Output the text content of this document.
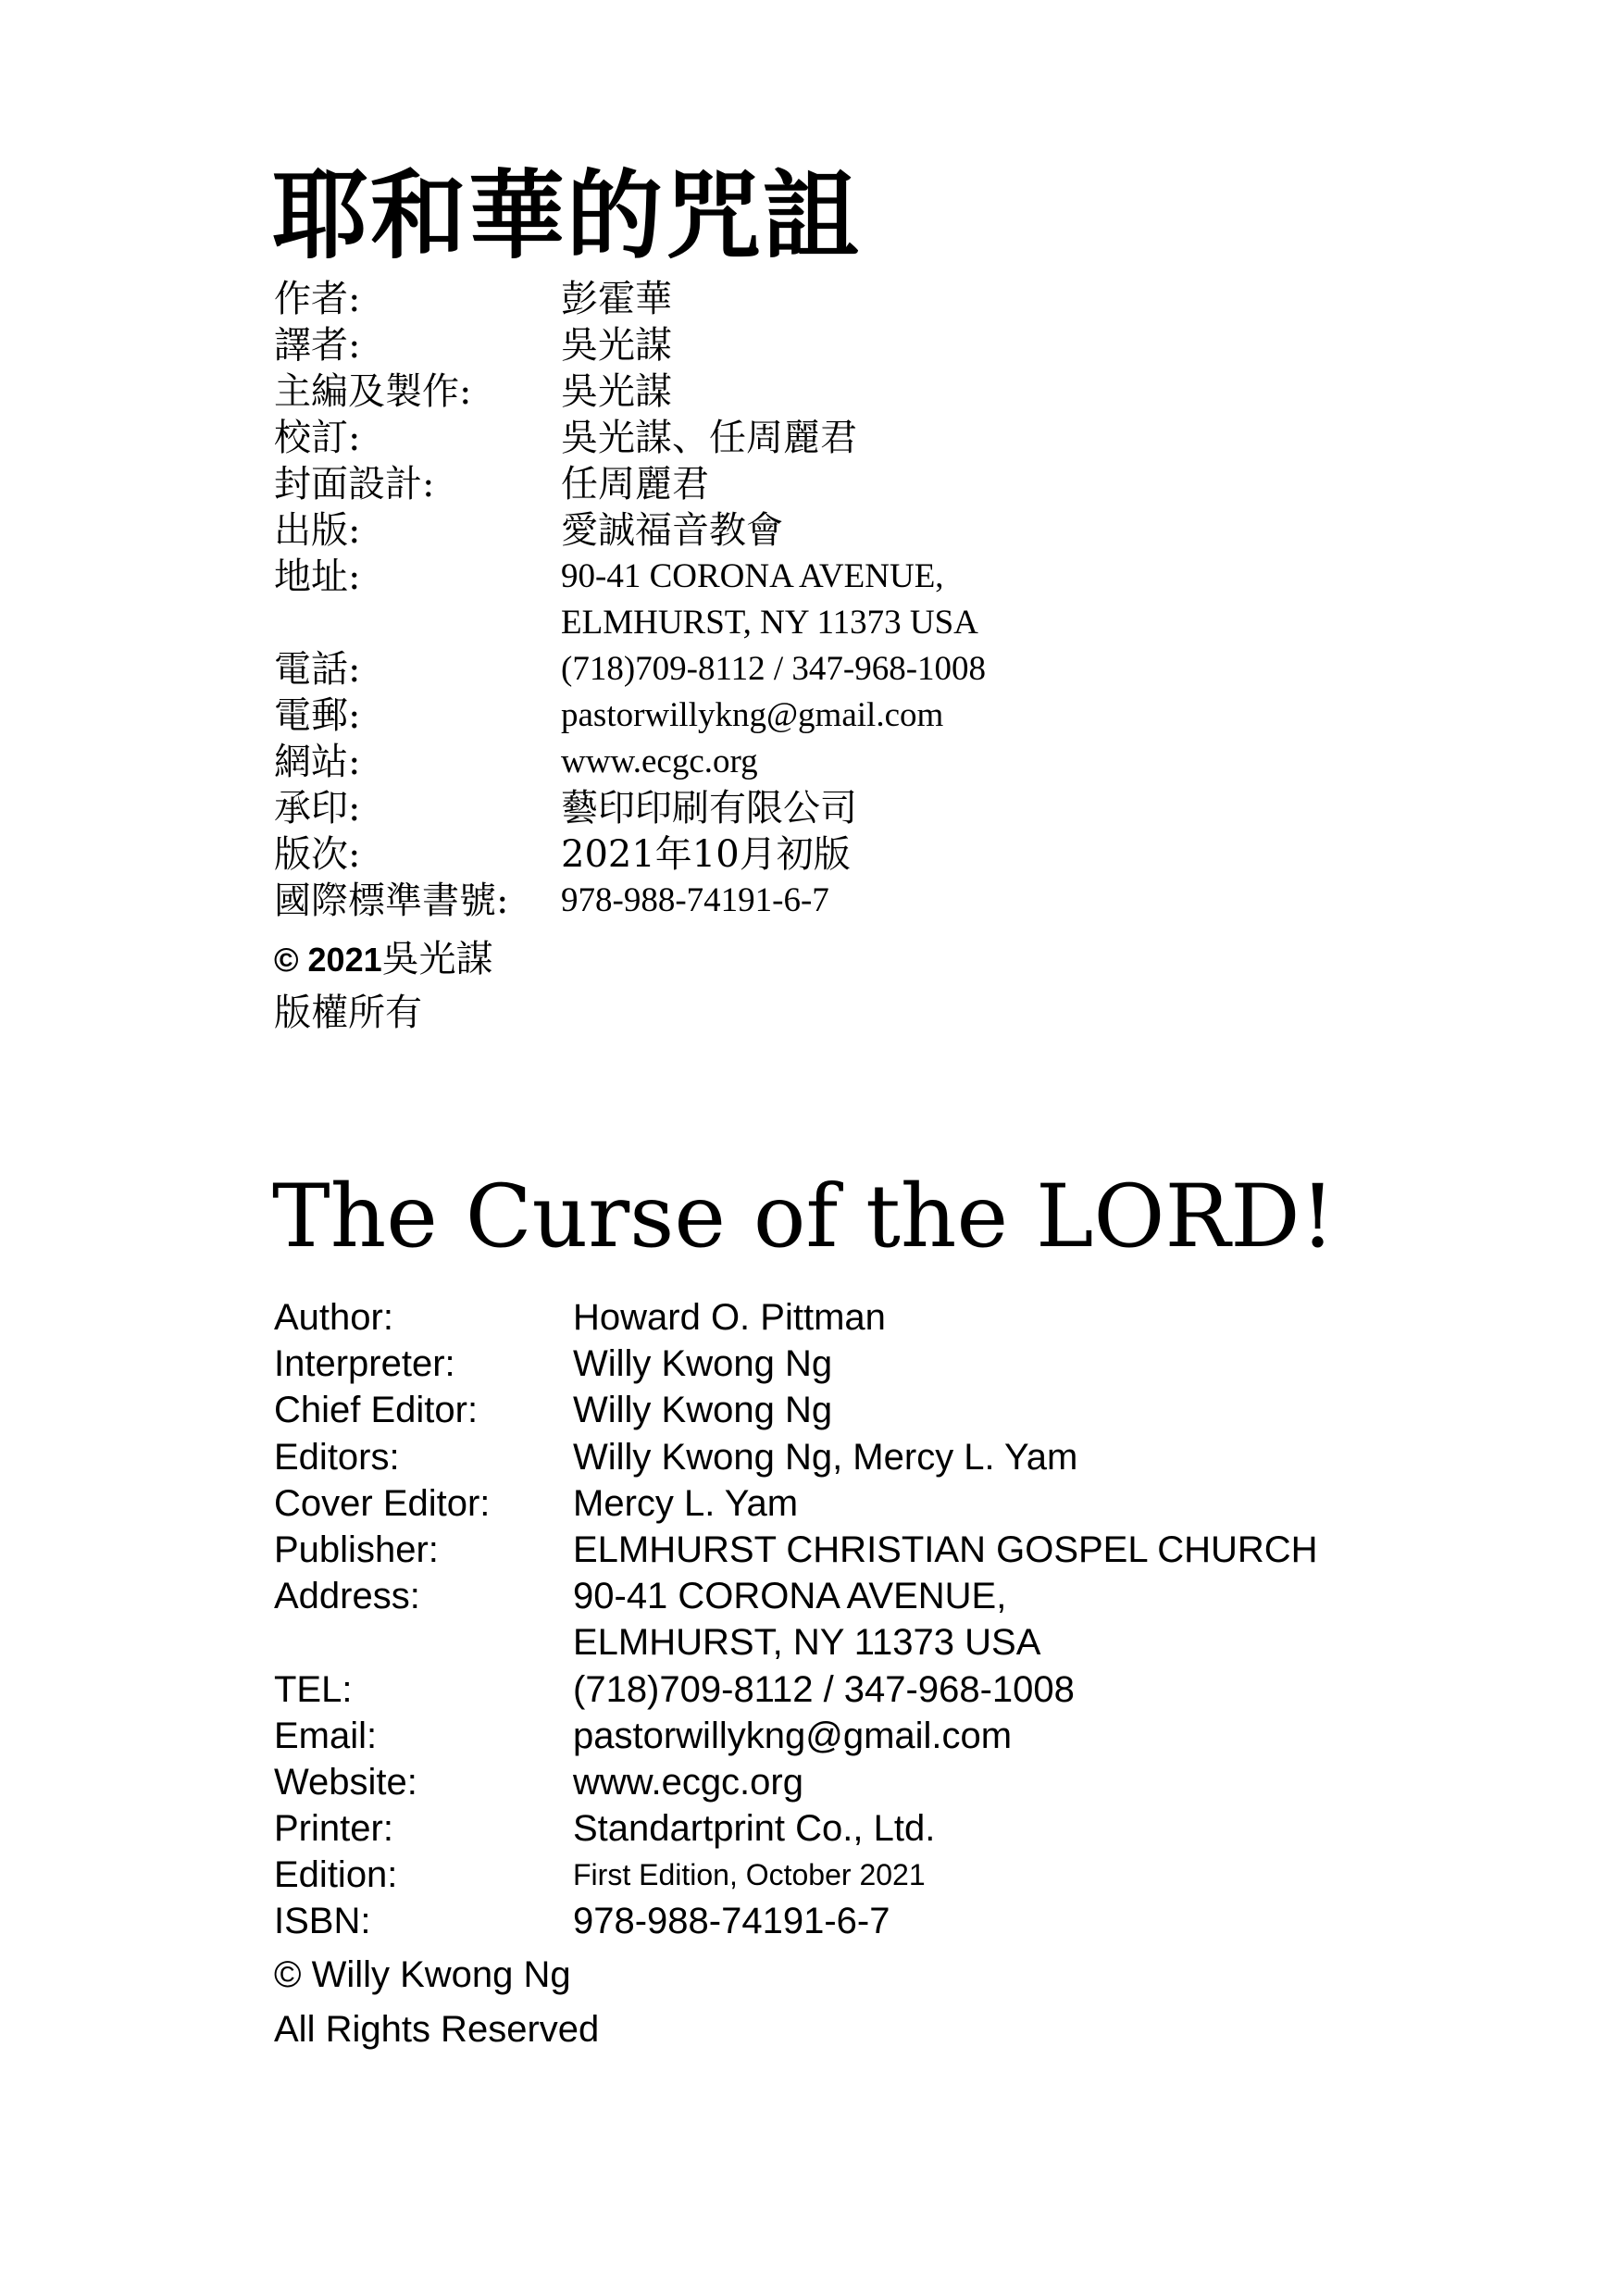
耶和華的咒詛
作者:	彭霍華
譯者:	吳光謀
主編及製作: 吳光謀
校訂:	吳光謀、任周麗君
封面設計:	任周麗君
出版:	愛誠福音教會
地址:	90-41 CORONA AVENUE,
ELMHURST, NY 11373 USA
電話:	(718)709-8112 / 347-968-1008
電郵:	pastorwillykng@gmail.com
網站:	www.ecgc.org
承印:	藝印印刷有限公司
版次:	2021年10月初版
國際標準書號: 978-988-74191-6-7
© 2021吳光謀
版權所有
The Curse of the LORD!
Author:	Howard O. Pittman
Interpreter:	Willy Kwong Ng
Chief Editor:	Willy Kwong Ng
Editors:	Willy Kwong Ng, Mercy L. Yam
Cover Editor: Mercy L. Yam
Publisher:	ELMHURST CHRISTIAN GOSPEL CHURCH
Address:	90-41 CORONA AVENUE,
ELMHURST, NY 11373 USA
TEL:	(718)709-8112 / 347-968-1008
Email:	pastorwillykng@gmail.com
Website:	www.ecgc.org
Printer:	Standartprint Co., Ltd.
Edition:	First Edition, October 2021
ISBN:	978-988-74191-6-7
© Willy Kwong Ng
All Rights Reserved
